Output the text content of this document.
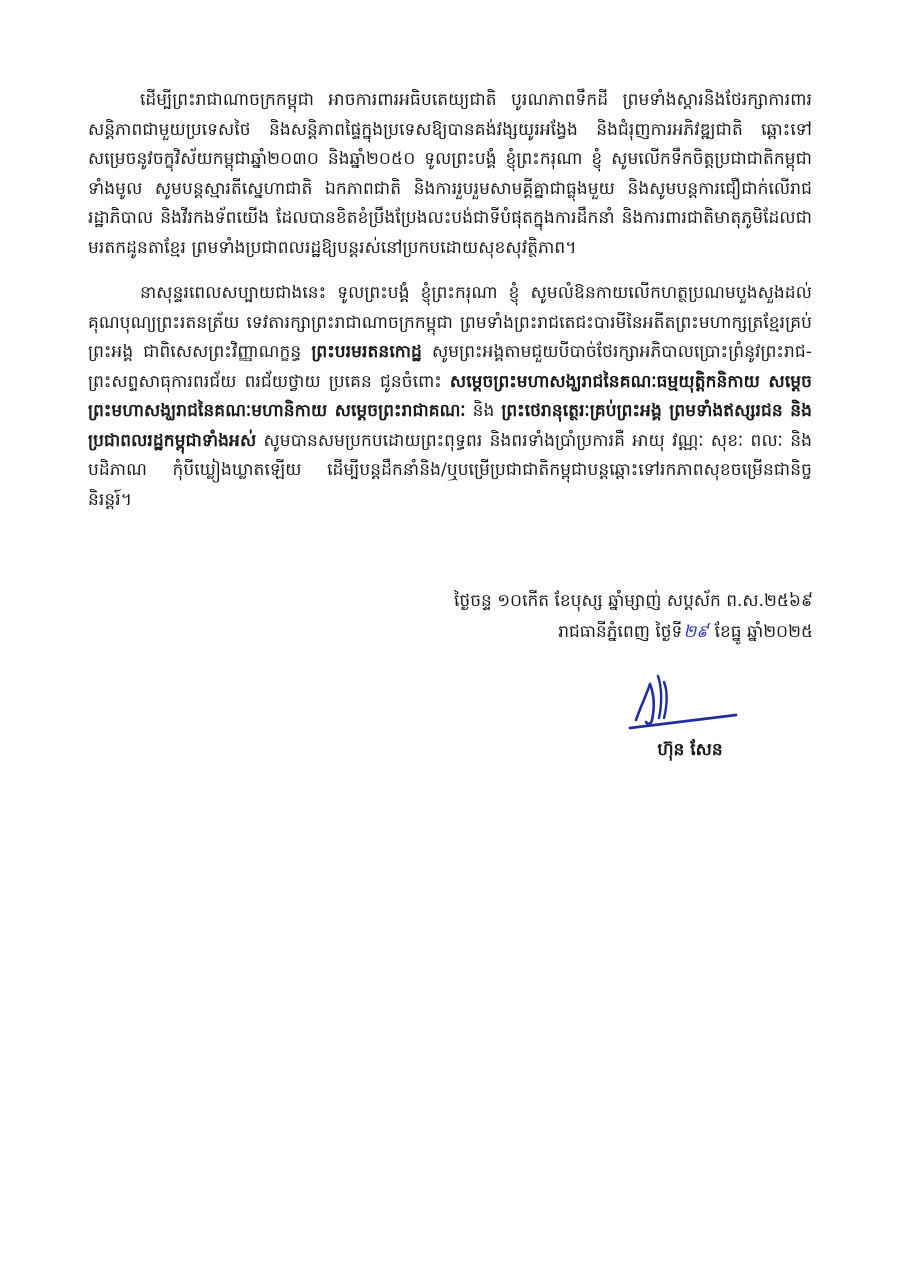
ដើម្បីព្រះរាជាណាចក្រកម្ពុជា អាចការពារអធិបតេយ្យជាតិ បូរណភាពទឹកដី ព្រមទាំងស្ដារនិងថែរក្សាការពារសន្តិភាពជាមួយប្រទេសថៃ និងសន្តិភាពផ្ទៃក្នុងប្រទេសឱ្យបានគង់វង្សយូរអង្វែង និងជំរុញការអភិវឌ្ឍជាតិ ឆ្ពោះទៅសម្រេចនូវចក្ខុវិស័យកម្ពុជាឆ្នាំ២០៣០ និងឆ្នាំ២០៥០ ទូលព្រះបង្គំ ខ្ញុំព្រះករុណា ខ្ញុំ សូមលើកទឹកចិត្តប្រជាជាតិកម្ពុជាទាំងមូល សូមបន្តស្មារតីស្នេហាជាតិ ឯកភាពជាតិ និងការរួបរួមសាមគ្គីគ្នាជាធ្លុងមួយ និងសូមបន្តការជឿជាក់លើរាជរដ្ឋាភិបាល និងវីរកងទ័ពយើង ដែលបានខិតខំប្រឹងប្រែងលះបង់ជាទីបំផុតក្នុងការដឹកនាំ និងការពារជាតិមាតុភូមិដែលជាមរតកដូនតាខ្មែរ ព្រមទាំងប្រជាពលរដ្ឋឱ្យបន្តរស់នៅប្រកបដោយសុខសុវត្ថិភាព។

នាសុន្ទរពេលសប្បាយជាងនេះ ទូលព្រះបង្គំ ខ្ញុំព្រះករុណា ខ្ញុំ សូមលំឱនកាយលើកហត្ថប្រណមបួងសួងដល់គុណបុណ្យព្រះរតនត្រ័យ ទេវតារក្សាព្រះរាជាណាចក្រកម្ពុជា ព្រមទាំងព្រះរាជតេជះបារមីនៃអតីតព្រះមហាក្សត្រខ្មែរគ្រប់ព្រះអង្គ ជាពិសេសព្រះវិញ្ញាណក្ខន្ធ ព្រះបរមរតនកោដ្ឋ សូមព្រះអង្គតាមជួយបីបាច់ថែរក្សាអភិបាលប្រោះព្រំនូវព្រះរាជ-ព្រះសព្ទសាធុការពរជ័យ ពរជ័យថ្វាយ ប្រគេន ជូនចំពោះ សម្តេចព្រះមហាសង្ឃរាជនៃគណៈធម្មយុត្តិកនិកាយ សម្តេចព្រះមហាសង្ឃរាជនៃគណៈមហានិកាយ សម្តេចព្រះរាជាគណៈ និង ព្រះថេរានុត្ថេរៈគ្រប់ព្រះអង្គ ព្រមទាំងឥស្សរជន និង ប្រជាពលរដ្ឋកម្ពុជាទាំងអស់ សូមបានសមប្រកបដោយព្រះពុទ្ធពរ និងពរទាំងប្រាំប្រការគឺ អាយុ វណ្ណៈ សុខៈ ពលៈ និងបដិភាណ កុំបីឃ្លៀងឃ្លាតឡើយ ដើម្បីបន្តដឹកនាំនិង/ឬបម្រើប្រជាជាតិកម្ពុជាបន្តឆ្ពោះទៅរកភាពសុខចម្រើនជានិច្ចនិរន្តរ៍។

ថ្ងៃចន្ទ ១០កើត ខែបុស្ស ឆ្នាំម្សាញ់ សប្តស័ក ព.ស.២៥៦៩
រាជធានីភ្នំពេញ ថ្ងៃទី២៩ ខែធ្នូ ឆ្នាំ២០២៥
ហ៊ុន សែន
